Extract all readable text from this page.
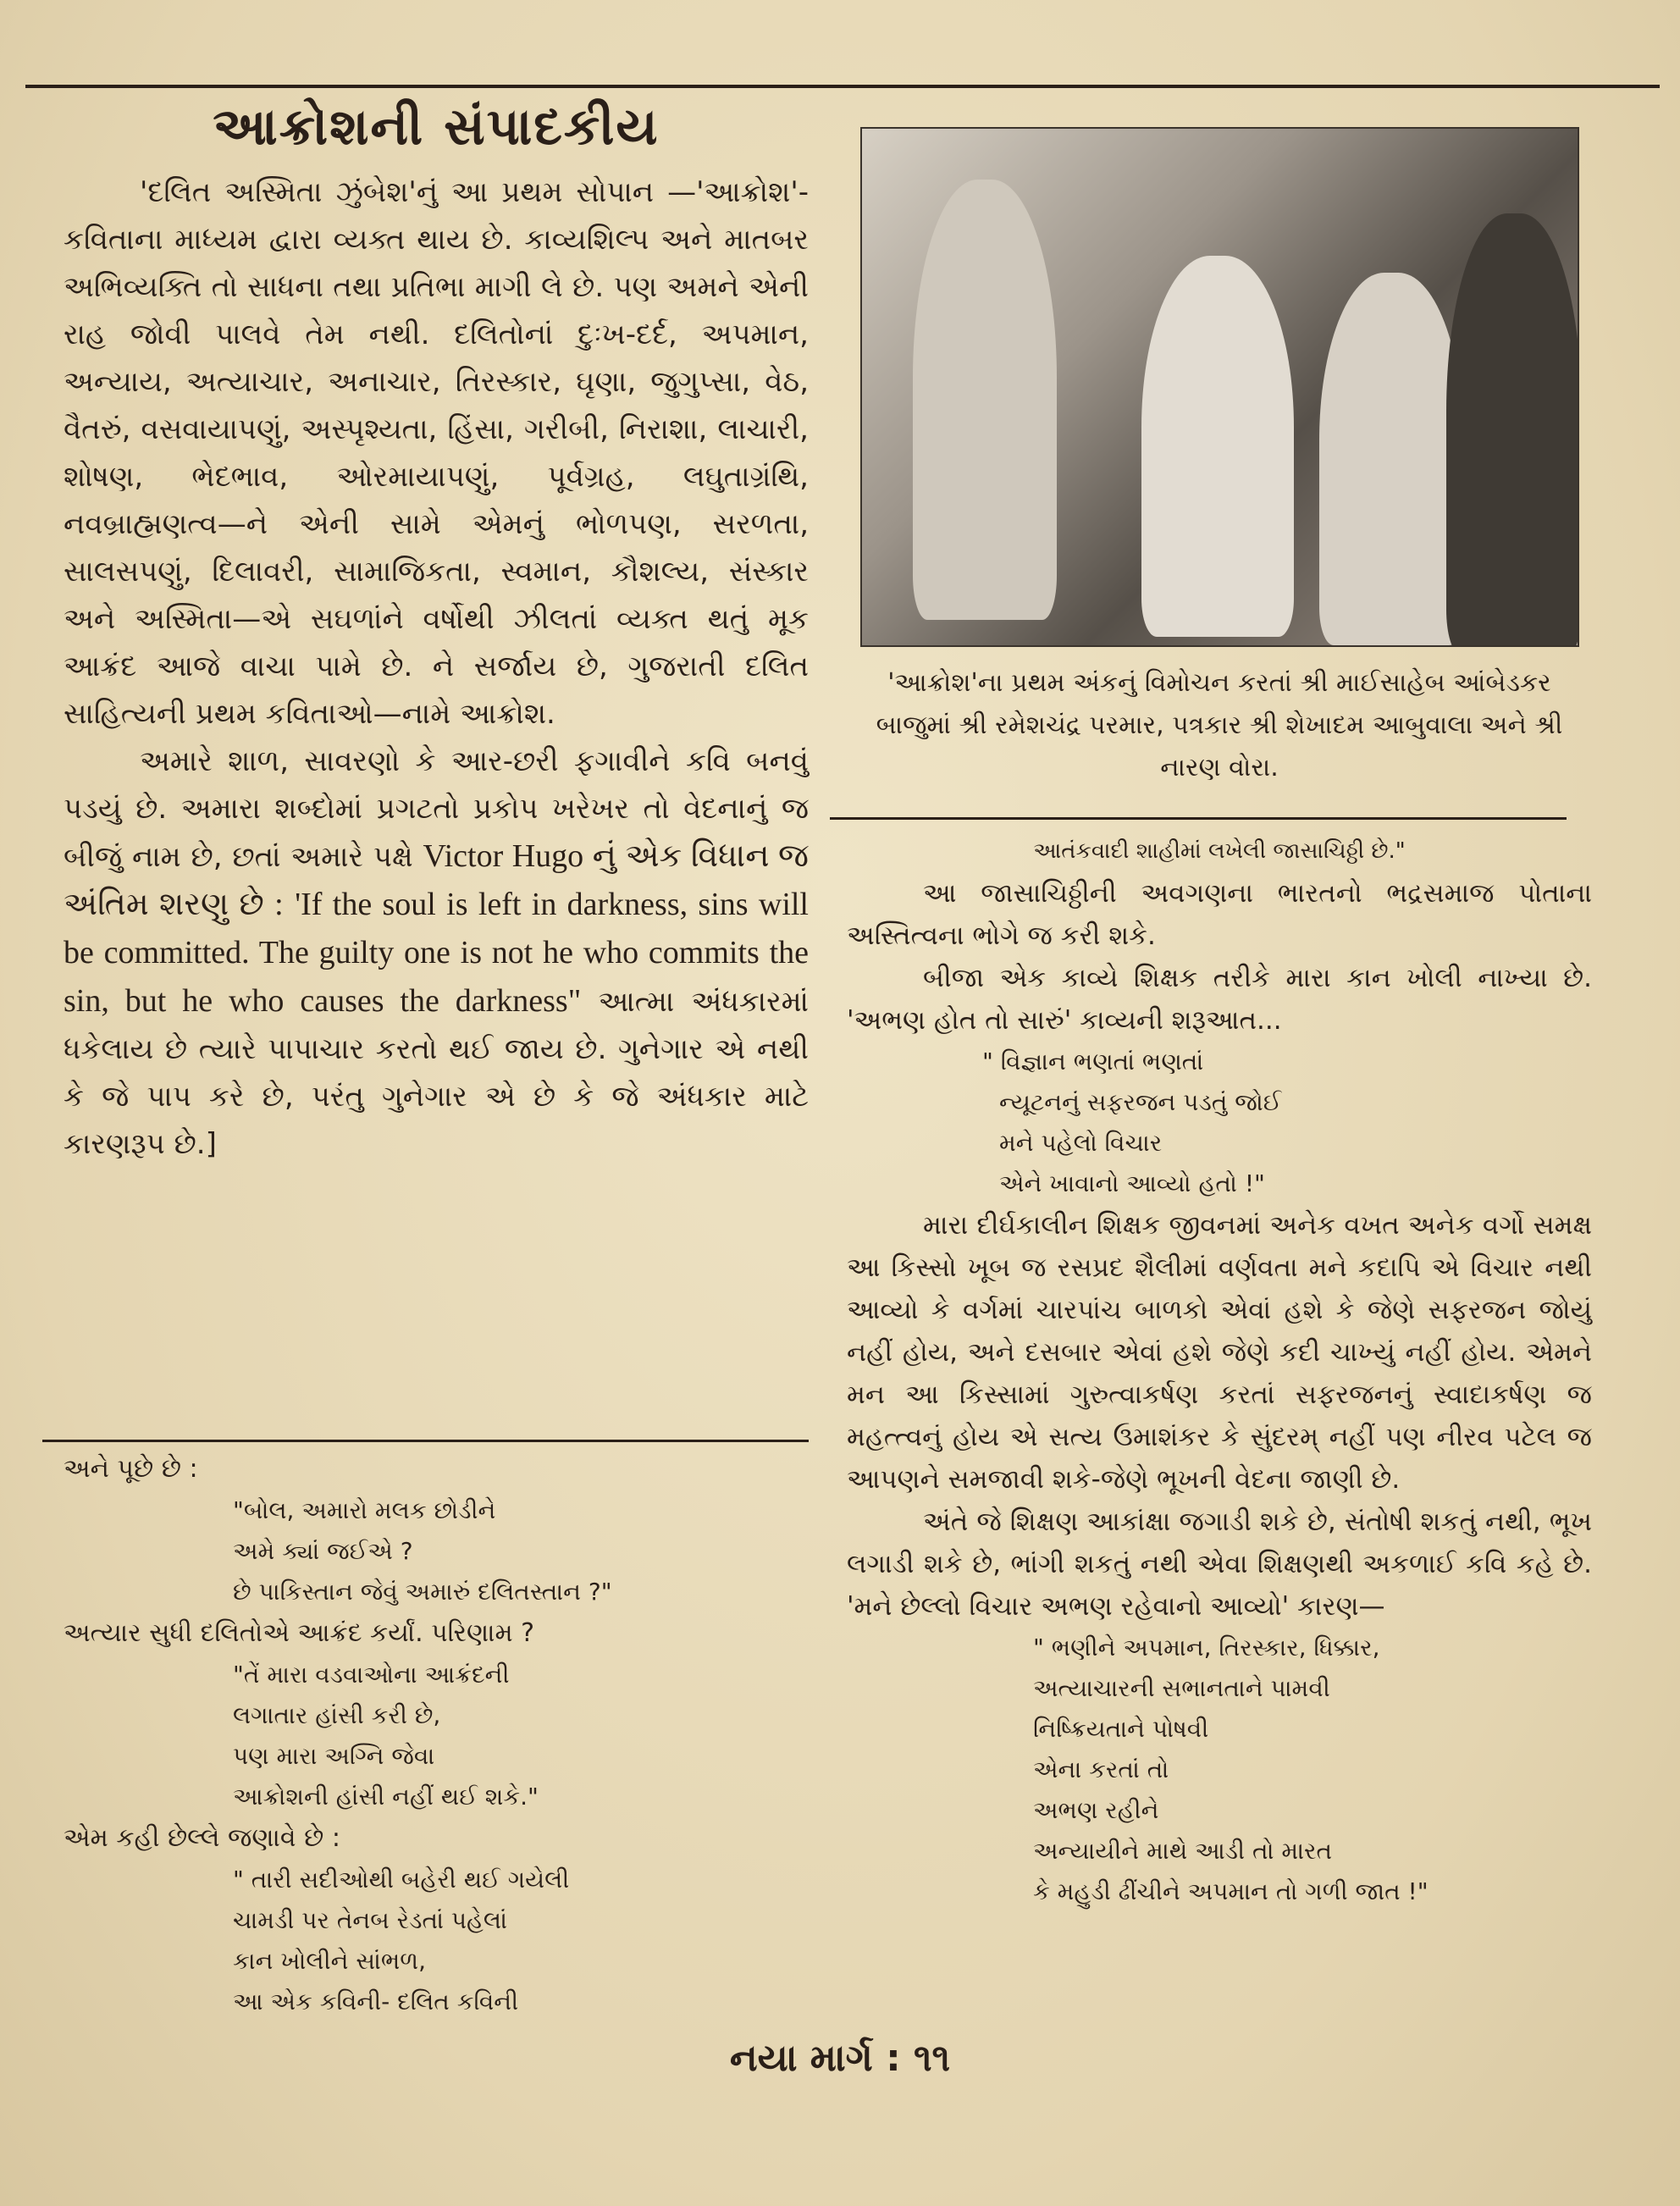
આક્રોશની સંપાદકીય

'દલિત અસ્મિતા ઝુંબેશ'નું આ પ્રથમ સોપાન —'આક્રોશ'-કવિતાના માધ્યમ દ્વારા વ્યક્ત થાય છે. કાવ્યશિલ્પ અને માતબર અભિવ્યક્તિ તો સાધના તથા પ્રતિભા માગી લે છે. પણ અમને એની રાહ જોવી પાલવે તેમ નથી. દલિતોનાં દુઃખ-દર્દ, અપમાન, અન્યાય, અત્યાચાર, અનાચાર, તિરસ્કાર, ઘૃણા, જુગુપ્સા, વેઠ, વૈતરું, વસવાયાપણું, અસ્પૃશ્યતા, હિંસા, ગરીબી, નિરાશા, લાચારી, શોષણ, ભેદભાવ, ઓરમાયાપણું, પૂર્વગ્રહ, લઘુતાગ્રંથિ, નવબ્રાહ્મણત્વ—ને એની સામે એમનું ભોળપણ, સરળતા, સાલસપણું, દિલાવરી, સામાજિકતા, સ્વમાન, કૌશલ્ય, સંસ્કાર અને અસ્મિતા—એ સઘળાંને વર્ષોથી ઝીલતાં વ્યક્ત થતું મૂક આક્રંદ આજે વાચા પામે છે. ને સર્જાય છે, ગુજરાતી દલિત સાહિત્યની પ્રથમ કવિતાઓ—નામે આક્રોશ.

અમારે શાળ, સાવરણો કે આર-છરી ફગાવીને કવિ બનવું પડયું છે. અમારા શબ્દોમાં પ્રગટતો પ્રકોપ ખરેખર તો વેદનાનું જ બીજું નામ છે, છતાં અમારે પક્ષે Victor Hugo નું એક વિધાન જ અંતિમ શરણુ છે : 'If the soul is left in darkness, sins will be committed. The guilty one is not he who commits the sin, but he who causes the darkness" આત્મા અંધકારમાં ધકેલાય છે ત્યારે પાપાચાર કરતો થઈ જાય છે. ગુનેગાર એ નથી કે જે પાપ કરે છે, પરંતુ ગુનેગાર એ છે કે જે અંધકાર માટે કારણરૂપ છે.]

અને પૂછે છે :

"બોલ, અમારો મલક છોડીને

અમે ક્યાં જઈએ ?

છે પાકિસ્તાન જેવું અમારું દલિતસ્તાન ?"

અત્યાર સુધી દલિતોએ આક્રંદ કર્યાં. પરિણામ ?

"તેં મારા વડવાઓના આક્રંદની

લગાતાર હાંસી કરી છે,

પણ મારા અગ્નિ જેવા

આક્રોશની હાંસી નહીં થઈ શકે."

એમ કહી છેલ્લે જણાવે છે :

" તારી સદીઓથી બહેરી થઈ ગયેલી

ચામડી પર તેનબ રેડતાં પહેલાં

કાન ખોલીને સાંભળ,

આ એક કવિની- દલિત કવિની

'આક્રોશ'ના પ્રથમ અંકનું વિમોચન કરતાં શ્રી માઈસાહેબ આંબેડકર બાજુમાં શ્રી રમેશચંદ્ર પરમાર, પત્રકાર શ્રી શેખાદમ આબુવાલા અને શ્રી નારણ વોરા.

આતંકવાદી શાહીમાં લખેલી જાસાચિઠ્ઠી છે."

આ જાસાચિઠ્ઠીની અવગણના ભારતનો ભદ્રસમાજ પોતાના અસ્તિત્વના ભોગે જ કરી શકે.

બીજા એક કાવ્યે શિક્ષક તરીકે મારા કાન ખોલી નાખ્યા છે. 'અભણ હોત તો સારું' કાવ્યની શરૂઆત...

" વિજ્ઞાન ભણતાં ભણતાં

ન્યૂટનનું સફરજન પડતું જોઈ

મને પહેલો વિચાર

એને ખાવાનો આવ્યો હતો !"

મારા દીર્ઘકાલીન શિક્ષક જીવનમાં અનેક વખત અનેક વર્ગો સમક્ષ આ કિસ્સો ખૂબ જ રસપ્રદ શૈલીમાં વર્ણવતા મને કદાપિ એ વિચાર નથી આવ્યો કે વર્ગમાં ચારપાંચ બાળકો એવાં હશે કે જેણે સફરજન જોયું નહીં હોય, અને દસબાર એવાં હશે જેણે કદી ચાખ્યું નહીં હોય. એમને મન આ કિસ્સામાં ગુરુત્વાકર્ષણ કરતાં સફરજનનું સ્વાદાકર્ષણ જ મહત્ત્વનું હોય એ સત્ય ઉમાશંકર કે સુંદરમ્ નહીં પણ નીરવ પટેલ જ આપણને સમજાવી શકે-જેણે ભૂખની વેદના જાણી છે.

અંતે જે શિક્ષણ આકાંક્ષા જગાડી શકે છે, સંતોષી શકતું નથી, ભૂખ લગાડી શકે છે, ભાંગી શકતું નથી એવા શિક્ષણથી અકળાઈ કવિ કહે છે. 'મને છેલ્લો વિચાર અભણ રહેવાનો આવ્યો' કારણ—

" ભણીને અપમાન, તિરસ્કાર, ધિક્કાર,

અત્યાચારની સભાનતાને પામવી

નિષ્ક્રિયતાને પોષવી

એના કરતાં તો

અભણ રહીને

અન્યાયીને માથે આડી તો મારત

કે મહુડી ઢીંચીને અપમાન તો ગળી જાત !"

નયા માર્ગ : ૧૧
